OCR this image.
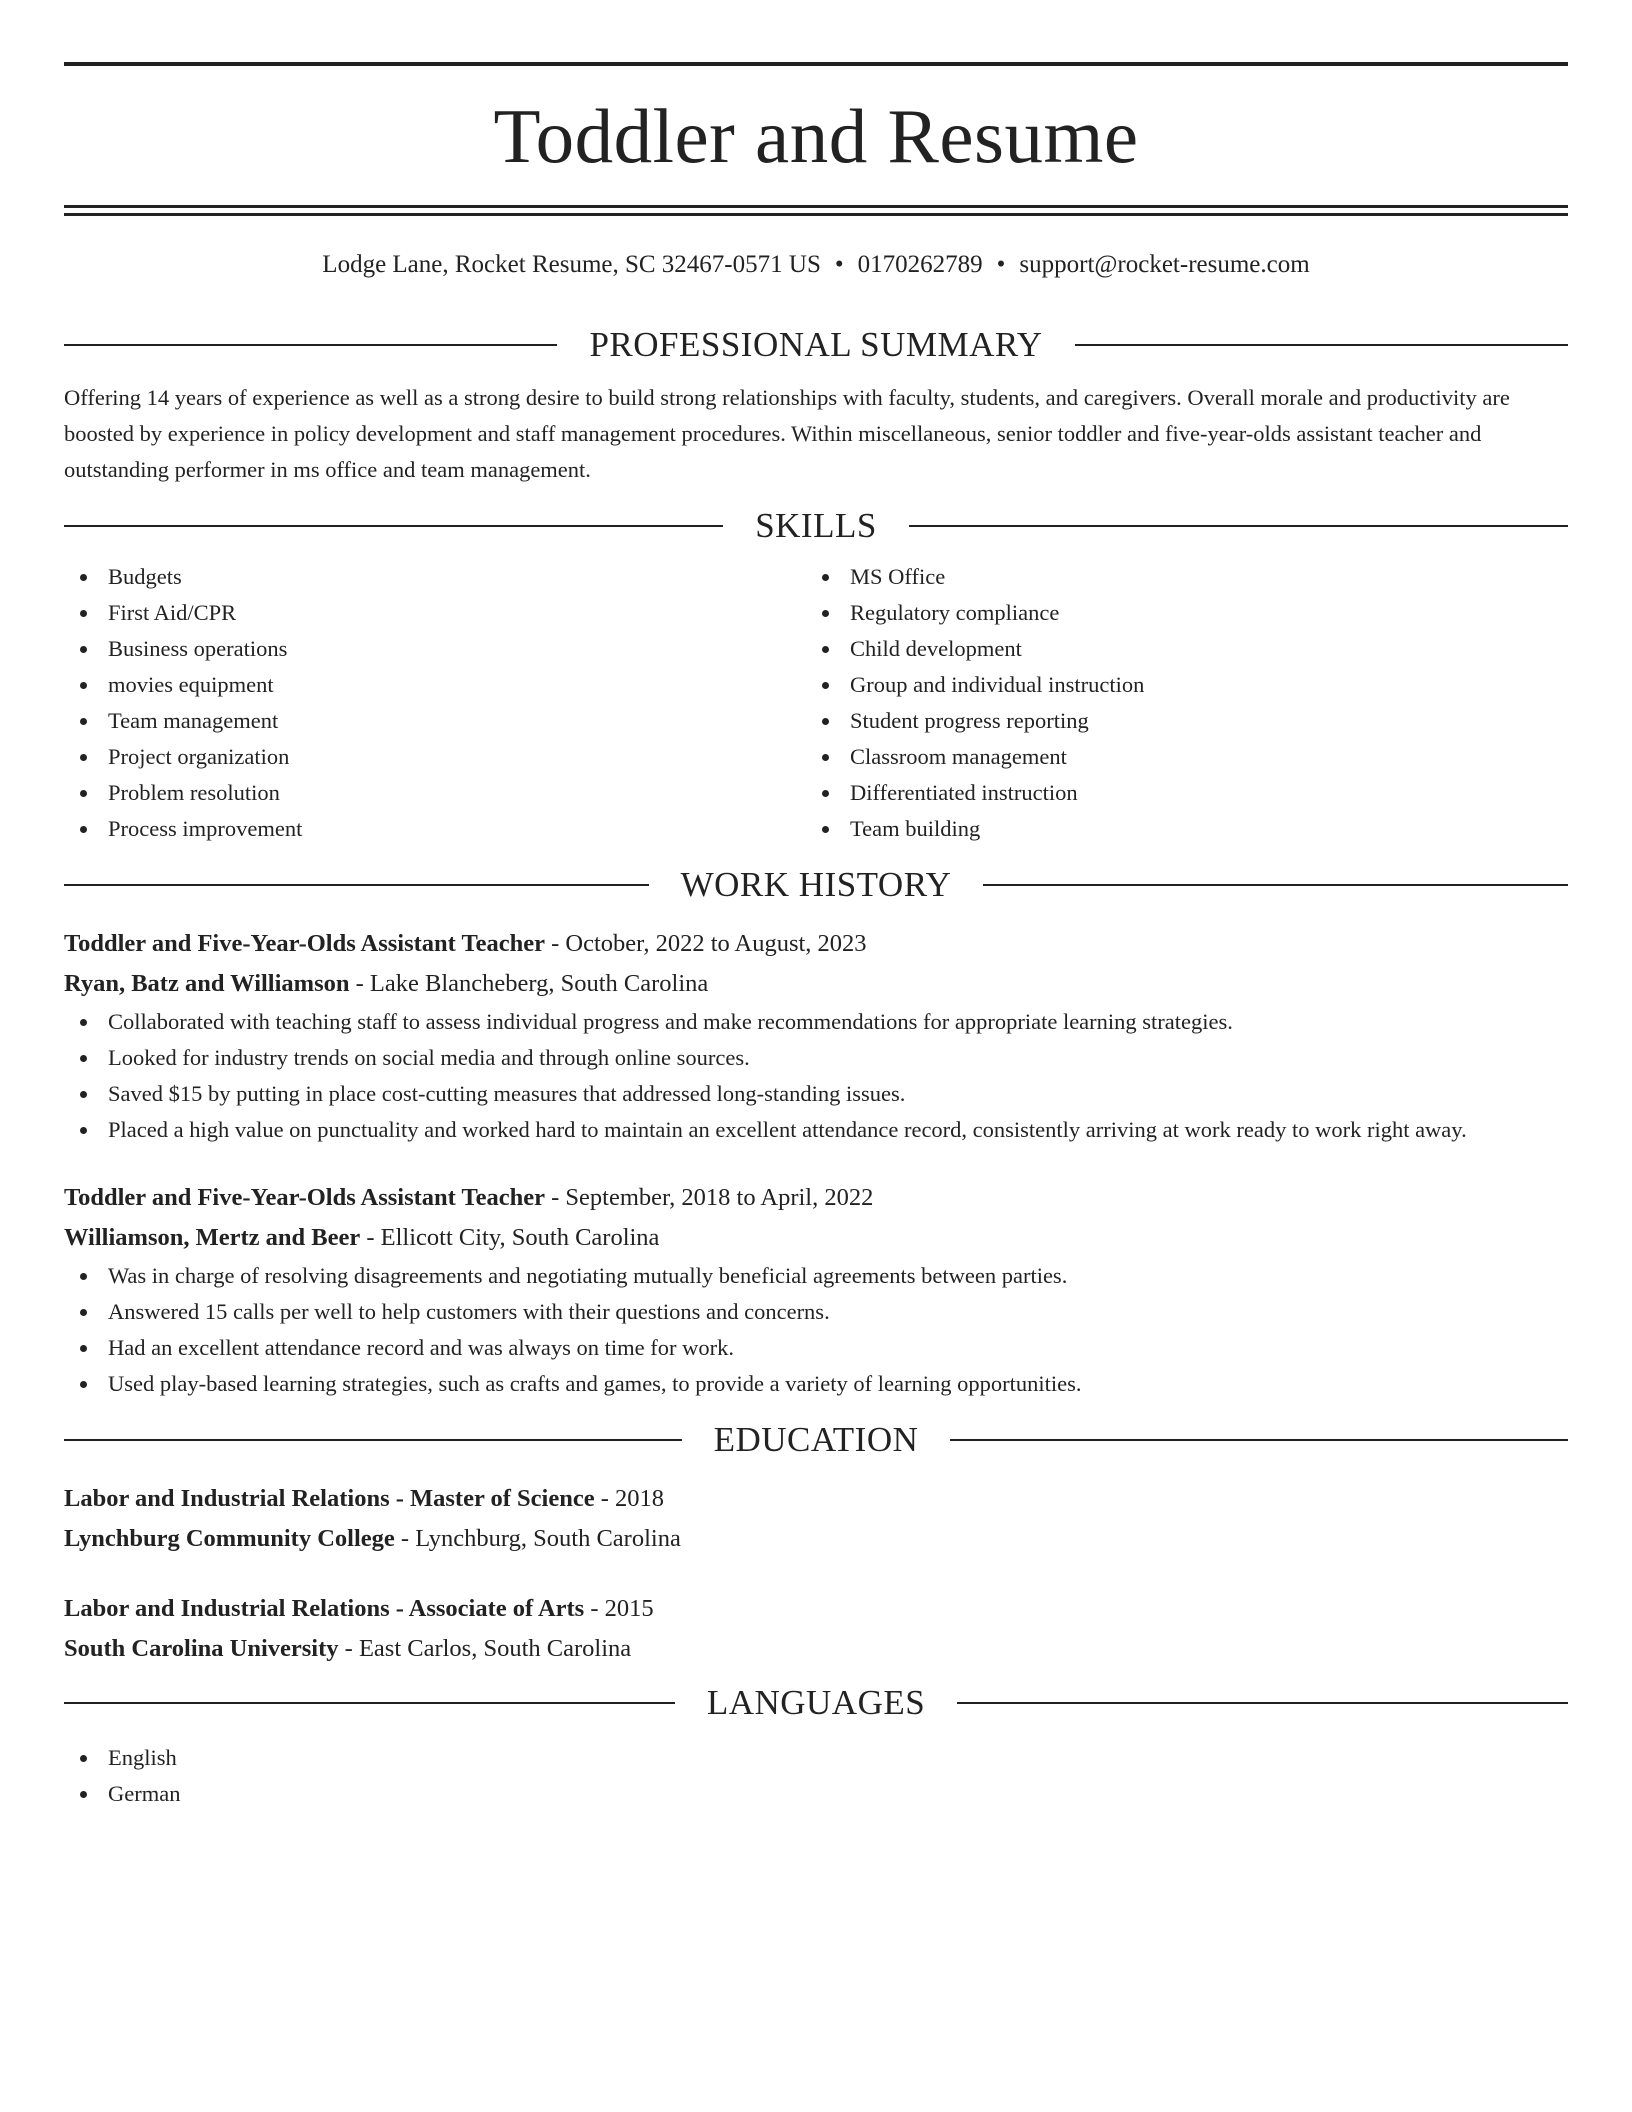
Toddler and Resume
Lodge Lane, Rocket Resume, SC 32467-0571 US • 0170262789 • support@rocket-resume.com
PROFESSIONAL SUMMARY

Offering 14 years of experience as well as a strong desire to build strong relationships with faculty, students, and caregivers. Overall morale and productivity are boosted by experience in policy development and staff management procedures. Within miscellaneous, senior toddler and five-year-olds assistant teacher and outstanding performer in ms office and team management.

SKILLS
Budgets
First Aid/CPR
Business operations
movies equipment
Team management
Project organization
Problem resolution
Process improvement
MS Office
Regulatory compliance
Child development
Group and individual instruction
Student progress reporting
Classroom management
Differentiated instruction
Team building
WORK HISTORY
Toddler and Five-Year-Olds Assistant Teacher - October, 2022 to August, 2023
Ryan, Batz and Williamson - Lake Blancheberg, South Carolina
Collaborated with teaching staff to assess individual progress and make recommendations for appropriate learning strategies.
Looked for industry trends on social media and through online sources.
Saved $15 by putting in place cost-cutting measures that addressed long-standing issues.
Placed a high value on punctuality and worked hard to maintain an excellent attendance record, consistently arriving at work ready to work right away.
Toddler and Five-Year-Olds Assistant Teacher - September, 2018 to April, 2022
Williamson, Mertz and Beer - Ellicott City, South Carolina
Was in charge of resolving disagreements and negotiating mutually beneficial agreements between parties.
Answered 15 calls per well to help customers with their questions and concerns.
Had an excellent attendance record and was always on time for work.
Used play-based learning strategies, such as crafts and games, to provide a variety of learning opportunities.
EDUCATION
Labor and Industrial Relations - Master of Science - 2018
Lynchburg Community College - Lynchburg, South Carolina
Labor and Industrial Relations - Associate of Arts - 2015
South Carolina University - East Carlos, South Carolina
LANGUAGES
English
German
